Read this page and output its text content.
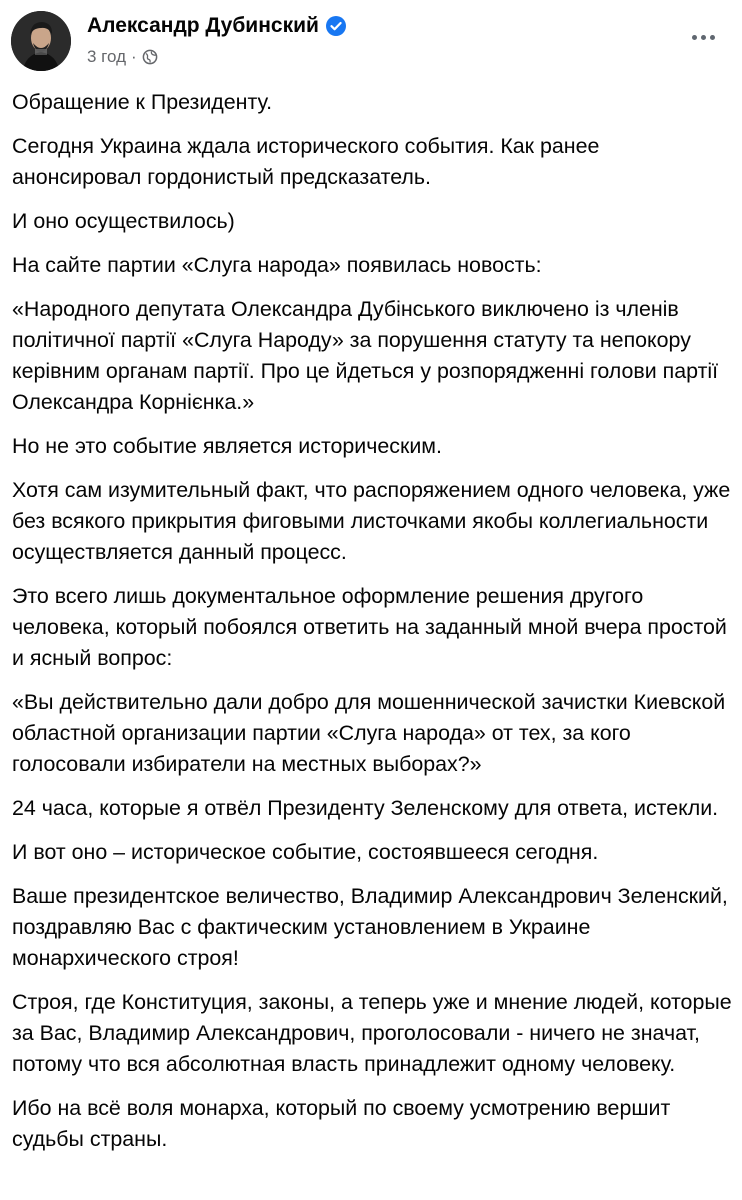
Александр Дубинский
3 год ·

Обращение к Президенту.

Сегодня Украина ждала исторического события. Как ранее анонсировал гордонистый предсказатель.

И оно осуществилось)

На сайте партии «Слуга народа» появилась новость:

«Народного депутата Олександра Дубінського виключено із членів політичної партії «Слуга Народу» за порушення статуту та непокору керівним органам партії. Про це йдеться у розпорядженні голови партії Олександра Корнієнка.»

Но не это событие является историческим.

Хотя сам изумительный факт, что распоряжением одного человека, уже без всякого прикрытия фиговыми листочками якобы коллегиальности осуществляется данный процесс.

Это всего лишь документальное оформление решения другого человека, который побоялся ответить на заданный мной вчера простой и ясный вопрос:

«Вы действительно дали добро для мошеннической зачистки Киевской областной организации партии «Слуга народа» от тех, за кого голосовали избиратели на местных выборах?»

24 часа, которые я отвёл Президенту Зеленскому для ответа, истекли.

И вот оно – историческое событие, состоявшееся сегодня.

Ваше президентское величество, Владимир Александрович Зеленский, поздравляю Вас с фактическим установлением в Украине монархического строя!

Строя, где Конституция, законы, а теперь уже и мнение людей, которые за Вас, Владимир Александрович, проголосовали - ничего не значат, потому что вся абсолютная власть принадлежит одному человеку.

Ибо на всё воля монарха, который по своему усмотрению вершит судьбы страны.
